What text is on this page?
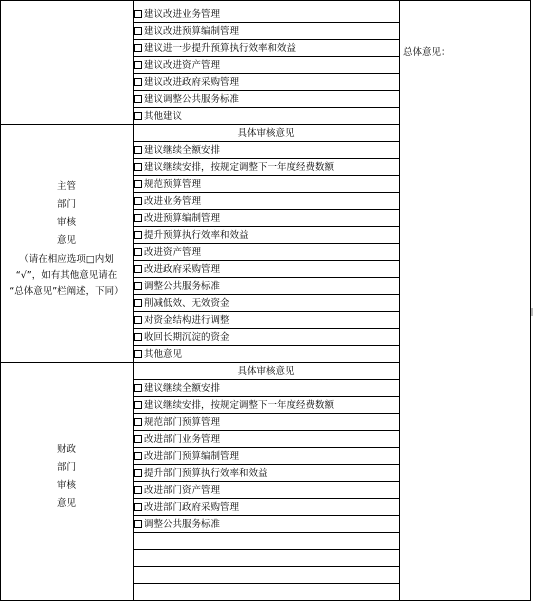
总体意见：
建议改进业务管理
建议改进预算编制管理
建议进一步提升预算执行效率和效益
建议改进资产管理
建议改进政府采购管理
建议调整公共服务标准
其他建议
具体审核意见
建议继续全额安排
建议继续安排，按规定调整下一年度经费数额
规范预算管理
改进业务管理
改进预算编制管理
提升预算执行效率和效益
改进资产管理
改进政府采购管理
调整公共服务标准
削减低效、无效资金
对资金结构进行调整
收回长期沉淀的资金
其他意见
具体审核意见
建议继续全额安排
建议继续安排，按规定调整下一年度经费数额
规范部门预算管理
改进部门业务管理
改进部门预算编制管理
提升部门预算执行效率和效益
改进部门资产管理
改进部门政府采购管理
调整公共服务标准
主管
部门
审核
意见
（请在相应选项□内划
“√”，如有其他意见请在
“总体意见”栏阐述，下同）
财政
部门
审核
意见
